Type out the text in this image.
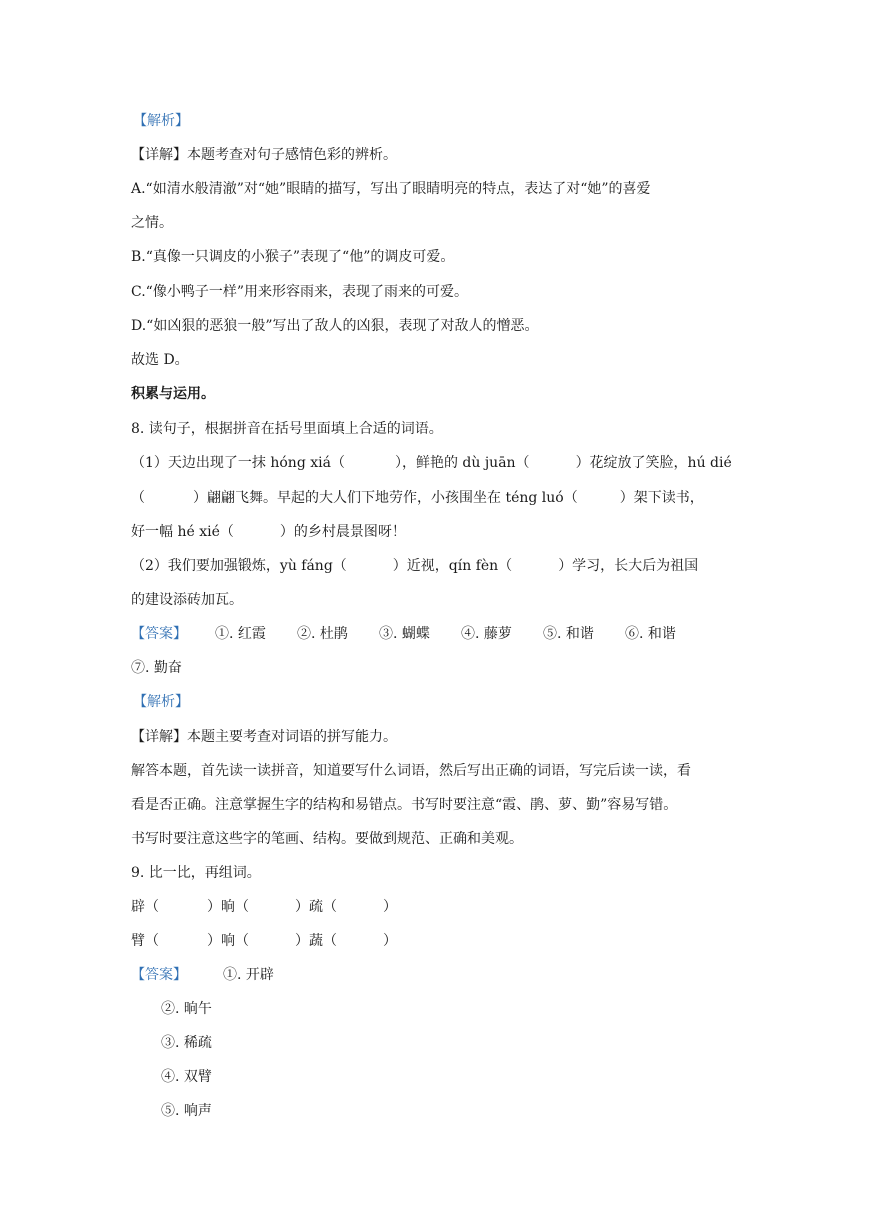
【解析】
【详解】本题考查对句子感情色彩的辨析。
A.“如清水般清澈”对“她”眼睛的描写，写出了眼睛明亮的特点，表达了对“她”的喜爱
之情。
B.“真像一只调皮的小猴子”表现了“他”的调皮可爱。
C.“像小鸭子一样”用来形容雨来，表现了雨来的可爱。
D.“如凶狠的恶狼一般”写出了敌人的凶狠，表现了对敌人的憎恶。
故选 D。
积累与运用。
8. 读句子，根据拼音在括号里面填上合适的词语。
（1）天边出现了一抹 hóng xiá（	），鲜艳的 dù juān（	）花绽放了笑脸，hú dié
（	）翩翩飞舞。早起的大人们下地劳作，小孩围坐在 téng luó（	）架下读书，
好一幅 hé xié（	）的乡村晨景图呀！
（2）我们要加强锻炼，yù fáng（	）近视，qín fèn（	）学习，长大后为祖国
的建设添砖加瓦。
【答案】 ①. 红霞 ②. 杜鹃 ③. 蝴蝶 ④. 藤萝 ⑤. 和谐 ⑥. 和谐
⑦. 勤奋
【解析】
【详解】本题主要考查对词语的拼写能力。
解答本题，首先读一读拼音，知道要写什么词语，然后写出正确的词语，写完后读一读，看
看是否正确。注意掌握生字的结构和易错点。书写时要注意“霞、鹃、萝、勤”容易写错。
书写时要注意这些字的笔画、结构。要做到规范、正确和美观。
9. 比一比，再组词。
辟（	）晌（	）疏（	）
臂（	）响（	）蔬（	）
【答案】	①. 开辟
②. 晌午
③. 稀疏
④. 双臂
⑤. 响声
